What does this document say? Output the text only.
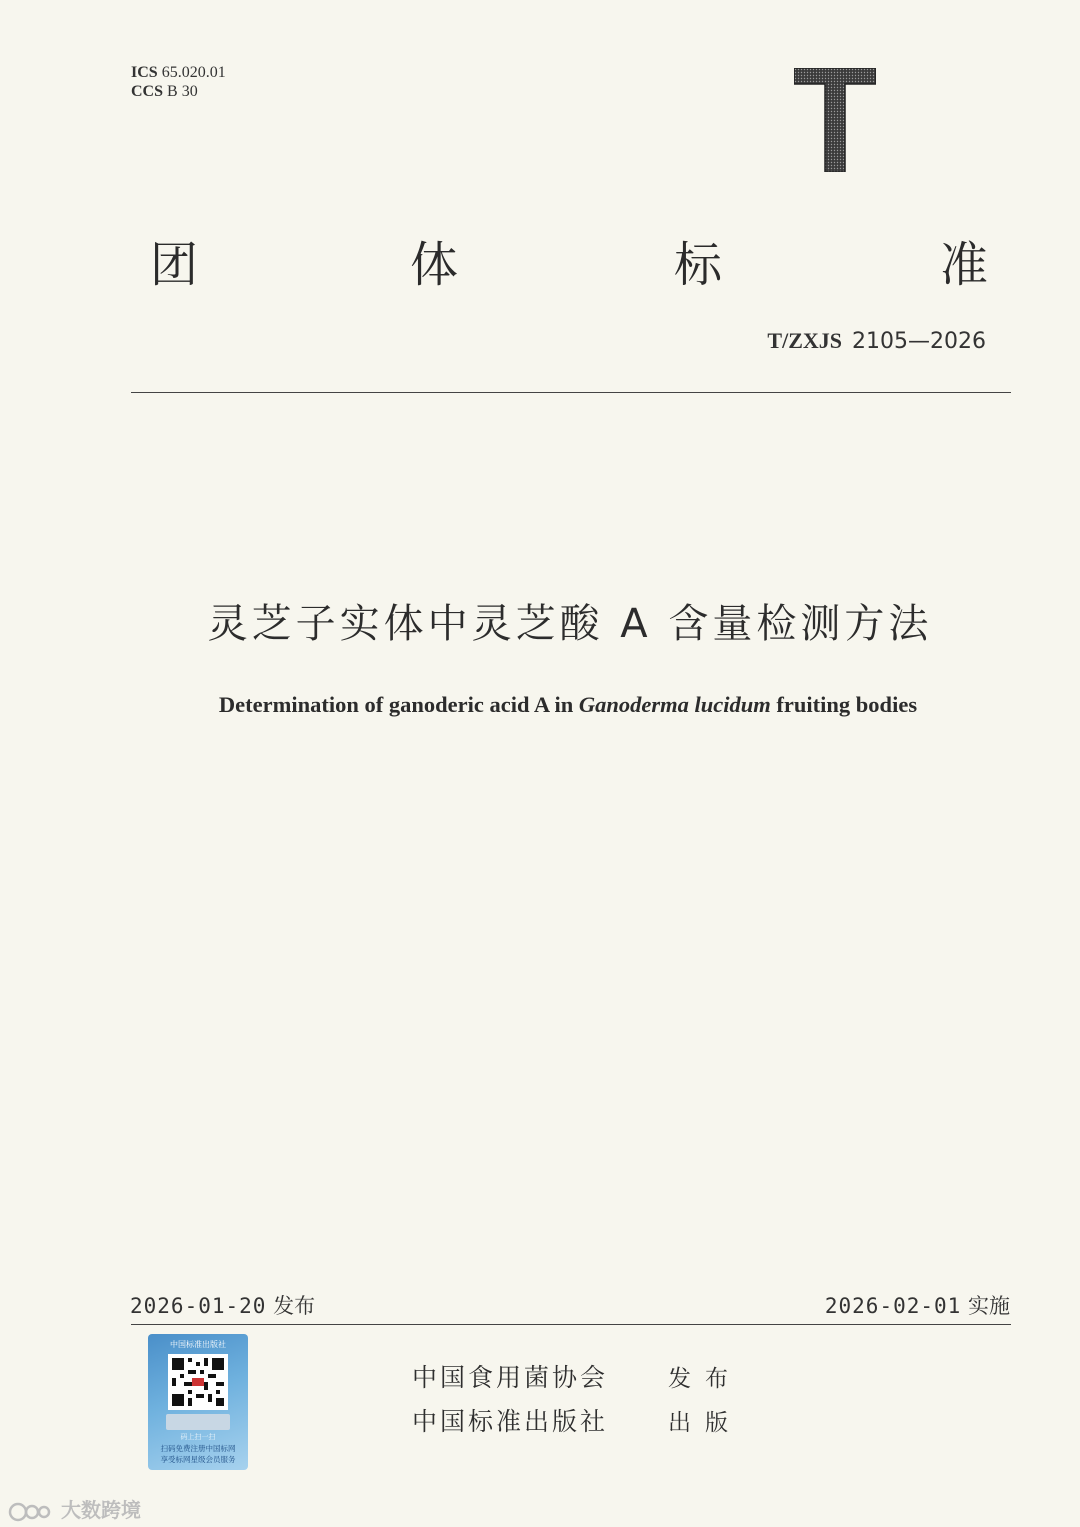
ICS 65.020.01
CCS B 30
T
团	体	标	准
T/ZXJS 2105—2026
灵芝子实体中灵芝酸 A 含量检测方法
Determination of ganoderic acid A in Ganoderma lucidum fruiting bodies
2026-01-20 发布	2026-02-01 实施
中国标准出版社
码上扫一扫
扫码免费注册中国标网
享受标网星级会员服务
中国食用菌协会	发布
中国标准出版社	出版
大数跨境
